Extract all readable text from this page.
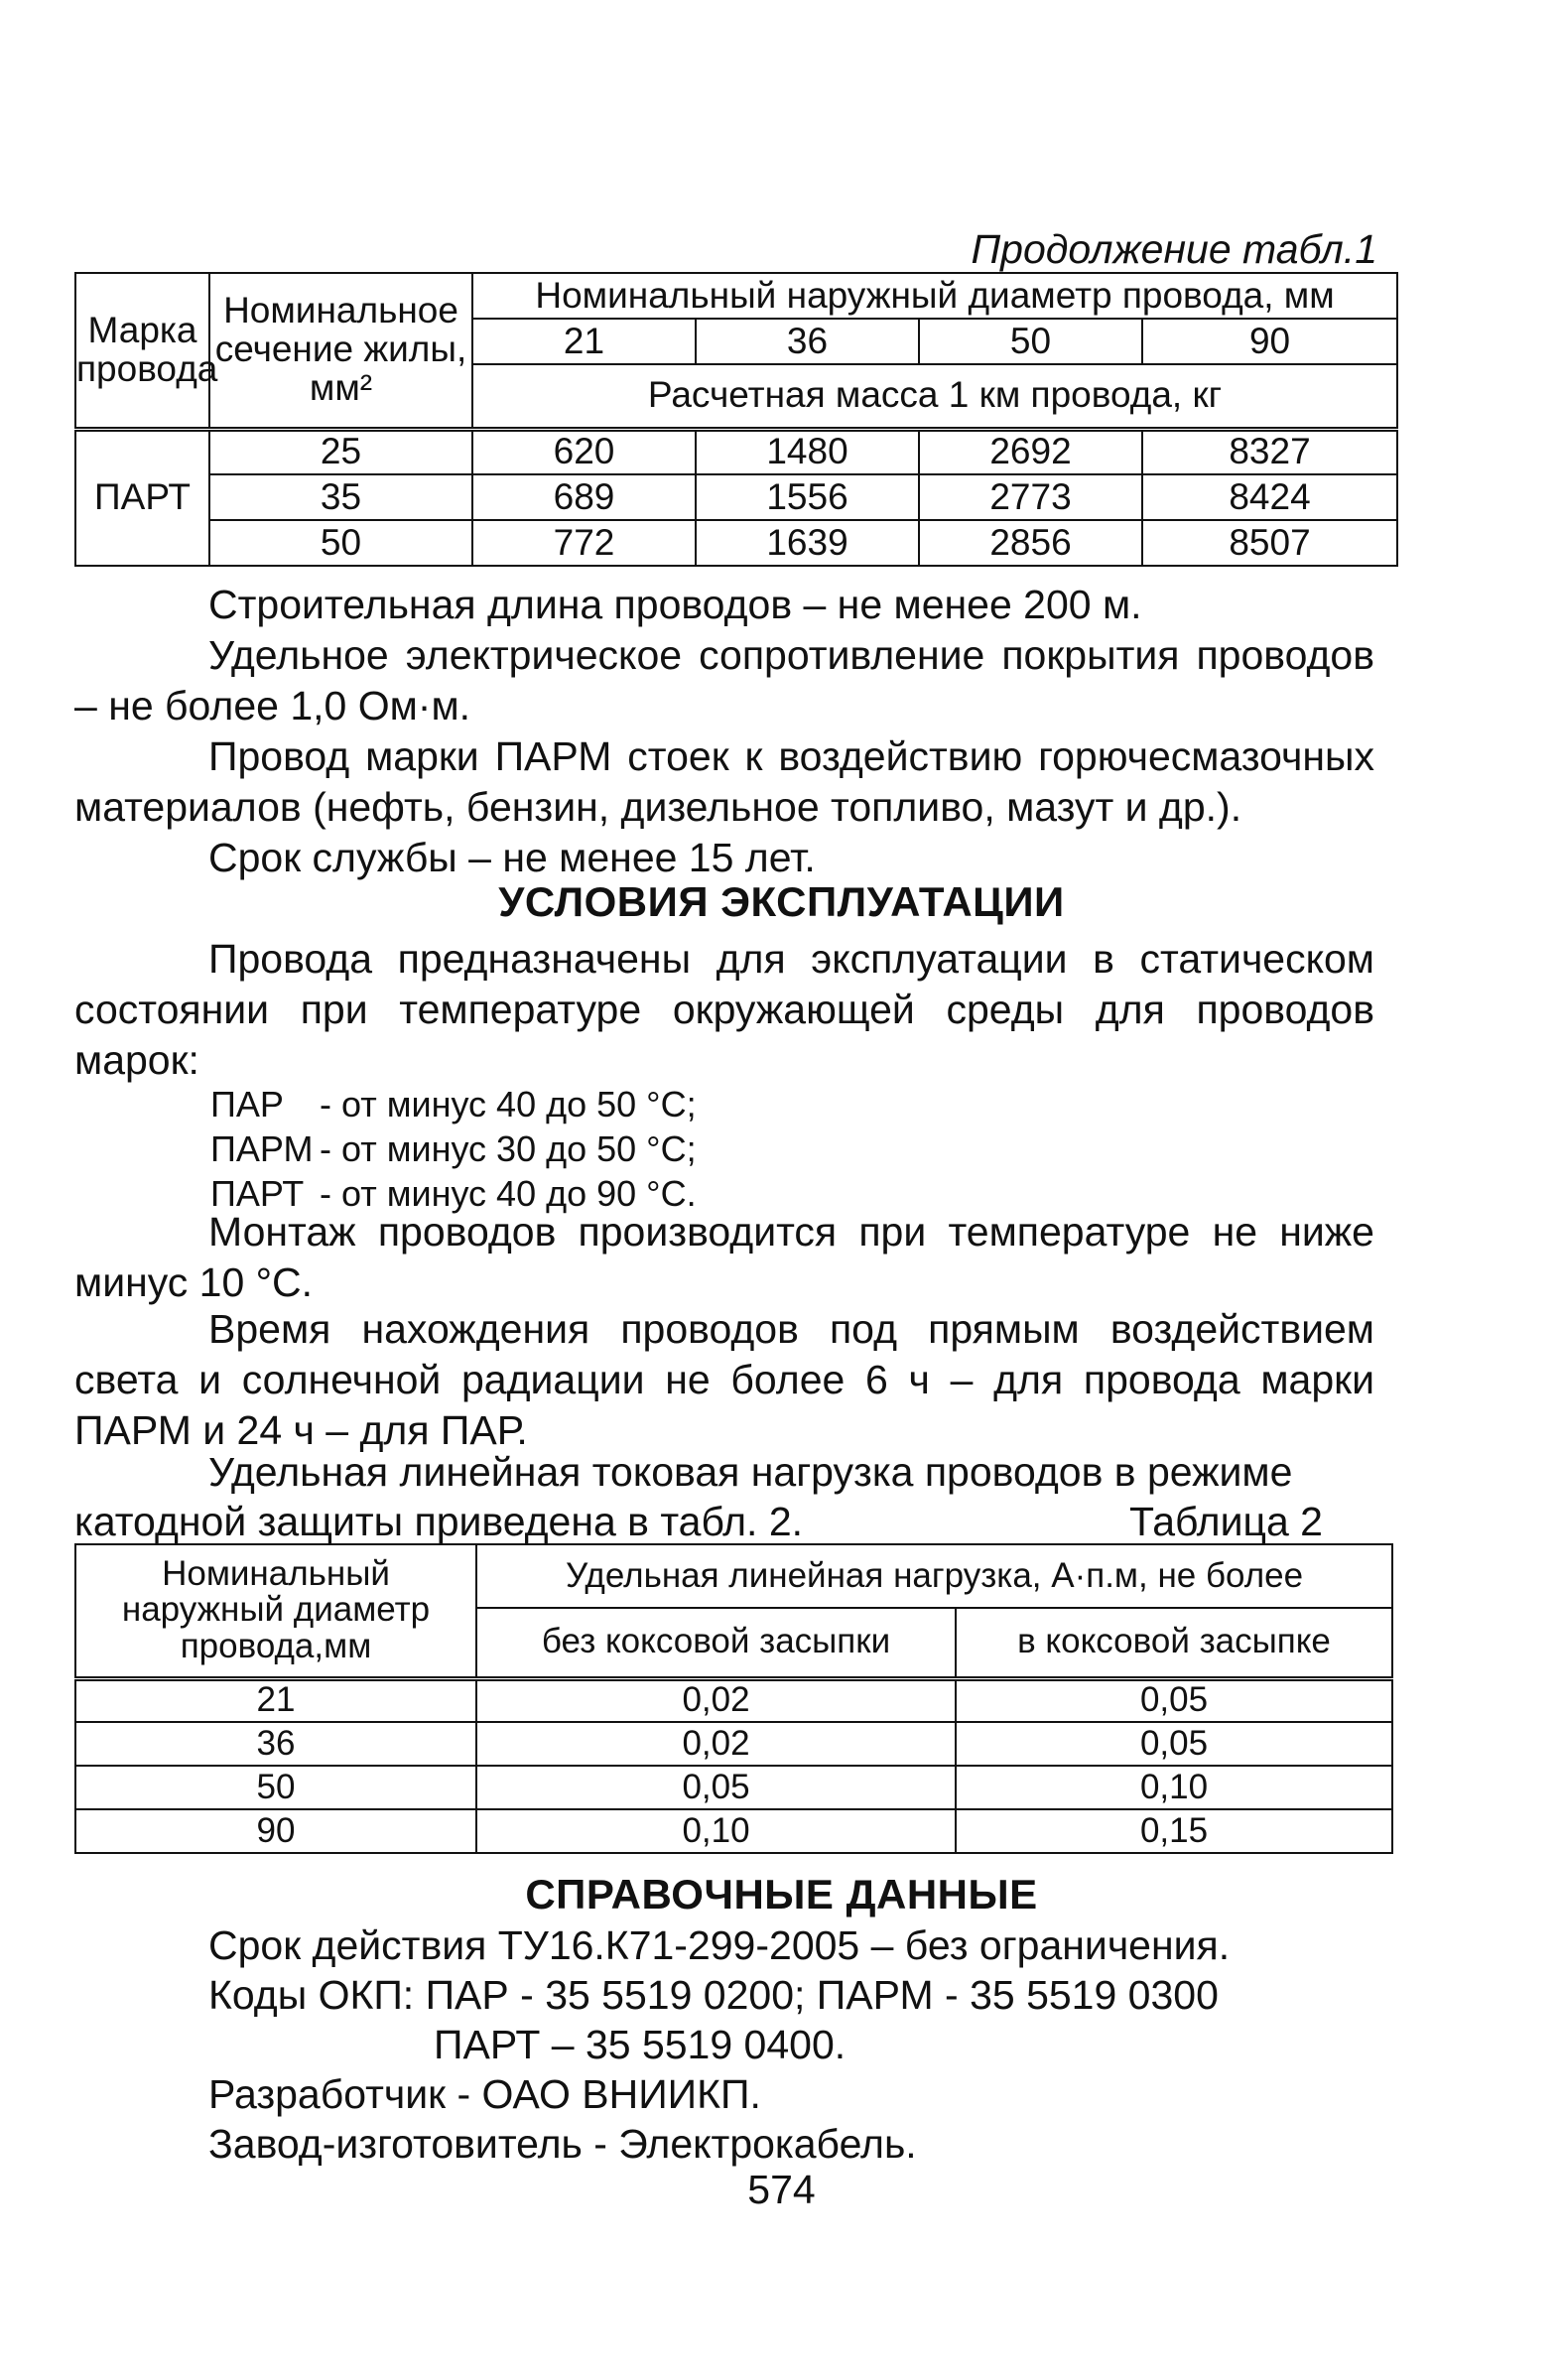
Продолжение табл.1
Марка провода	Номинальное сечение жилы, мм²	Номинальный наружный диаметр провода, мм			
		21	36	50	90
		Расчетная масса 1 км провода, кг			
ПАРТ	25	620	1480	2692	8327
	35	689	1556	2773	8424
	50	772	1639	2856	8507
Строительная длина проводов – не менее 200 м.
Удельное электрическое сопротивление покрытия проводов – не более 1,0 Ом·м.
Провод марки ПАРМ стоек к воздействию горючесмазочных материалов (нефть, бензин, дизельное топливо, мазут и др.).
Срок службы – не менее 15 лет.
УСЛОВИЯ ЭКСПЛУАТАЦИИ
Провода предназначены для эксплуатации в статическом состоянии при температуре окружающей среды для проводов марок:
ПАР - от минус 40 до 50 °С;
ПАРМ - от минус 30 до 50 °С;
ПАРТ - от минус 40 до 90 °С.
Монтаж проводов производится при температуре не ниже минус 10 °С.
Время нахождения проводов под прямым воздействием света и солнечной радиации не более 6 ч – для провода марки ПАРМ и 24 ч – для ПАР.
Удельная линейная токовая нагрузка проводов в режиме
катодной защиты приведена в табл. 2.	Таблица 2
Номинальный наружный диаметр провода,мм	Удельная линейная нагрузка, А·п.м, не более	
	без коксовой засыпки	в коксовой засыпке
21	0,02	0,05
36	0,02	0,05
50	0,05	0,10
90	0,10	0,15
СПРАВОЧНЫЕ ДАННЫЕ
Срок действия ТУ16.К71-299-2005 – без ограничения.
Коды ОКП: ПАР - 35 5519 0200; ПАРМ - 35 5519 0300
ПАРТ – 35 5519 0400.
Разработчик - ОАО ВНИИКП.
Завод-изготовитель - Электрокабель.
574
